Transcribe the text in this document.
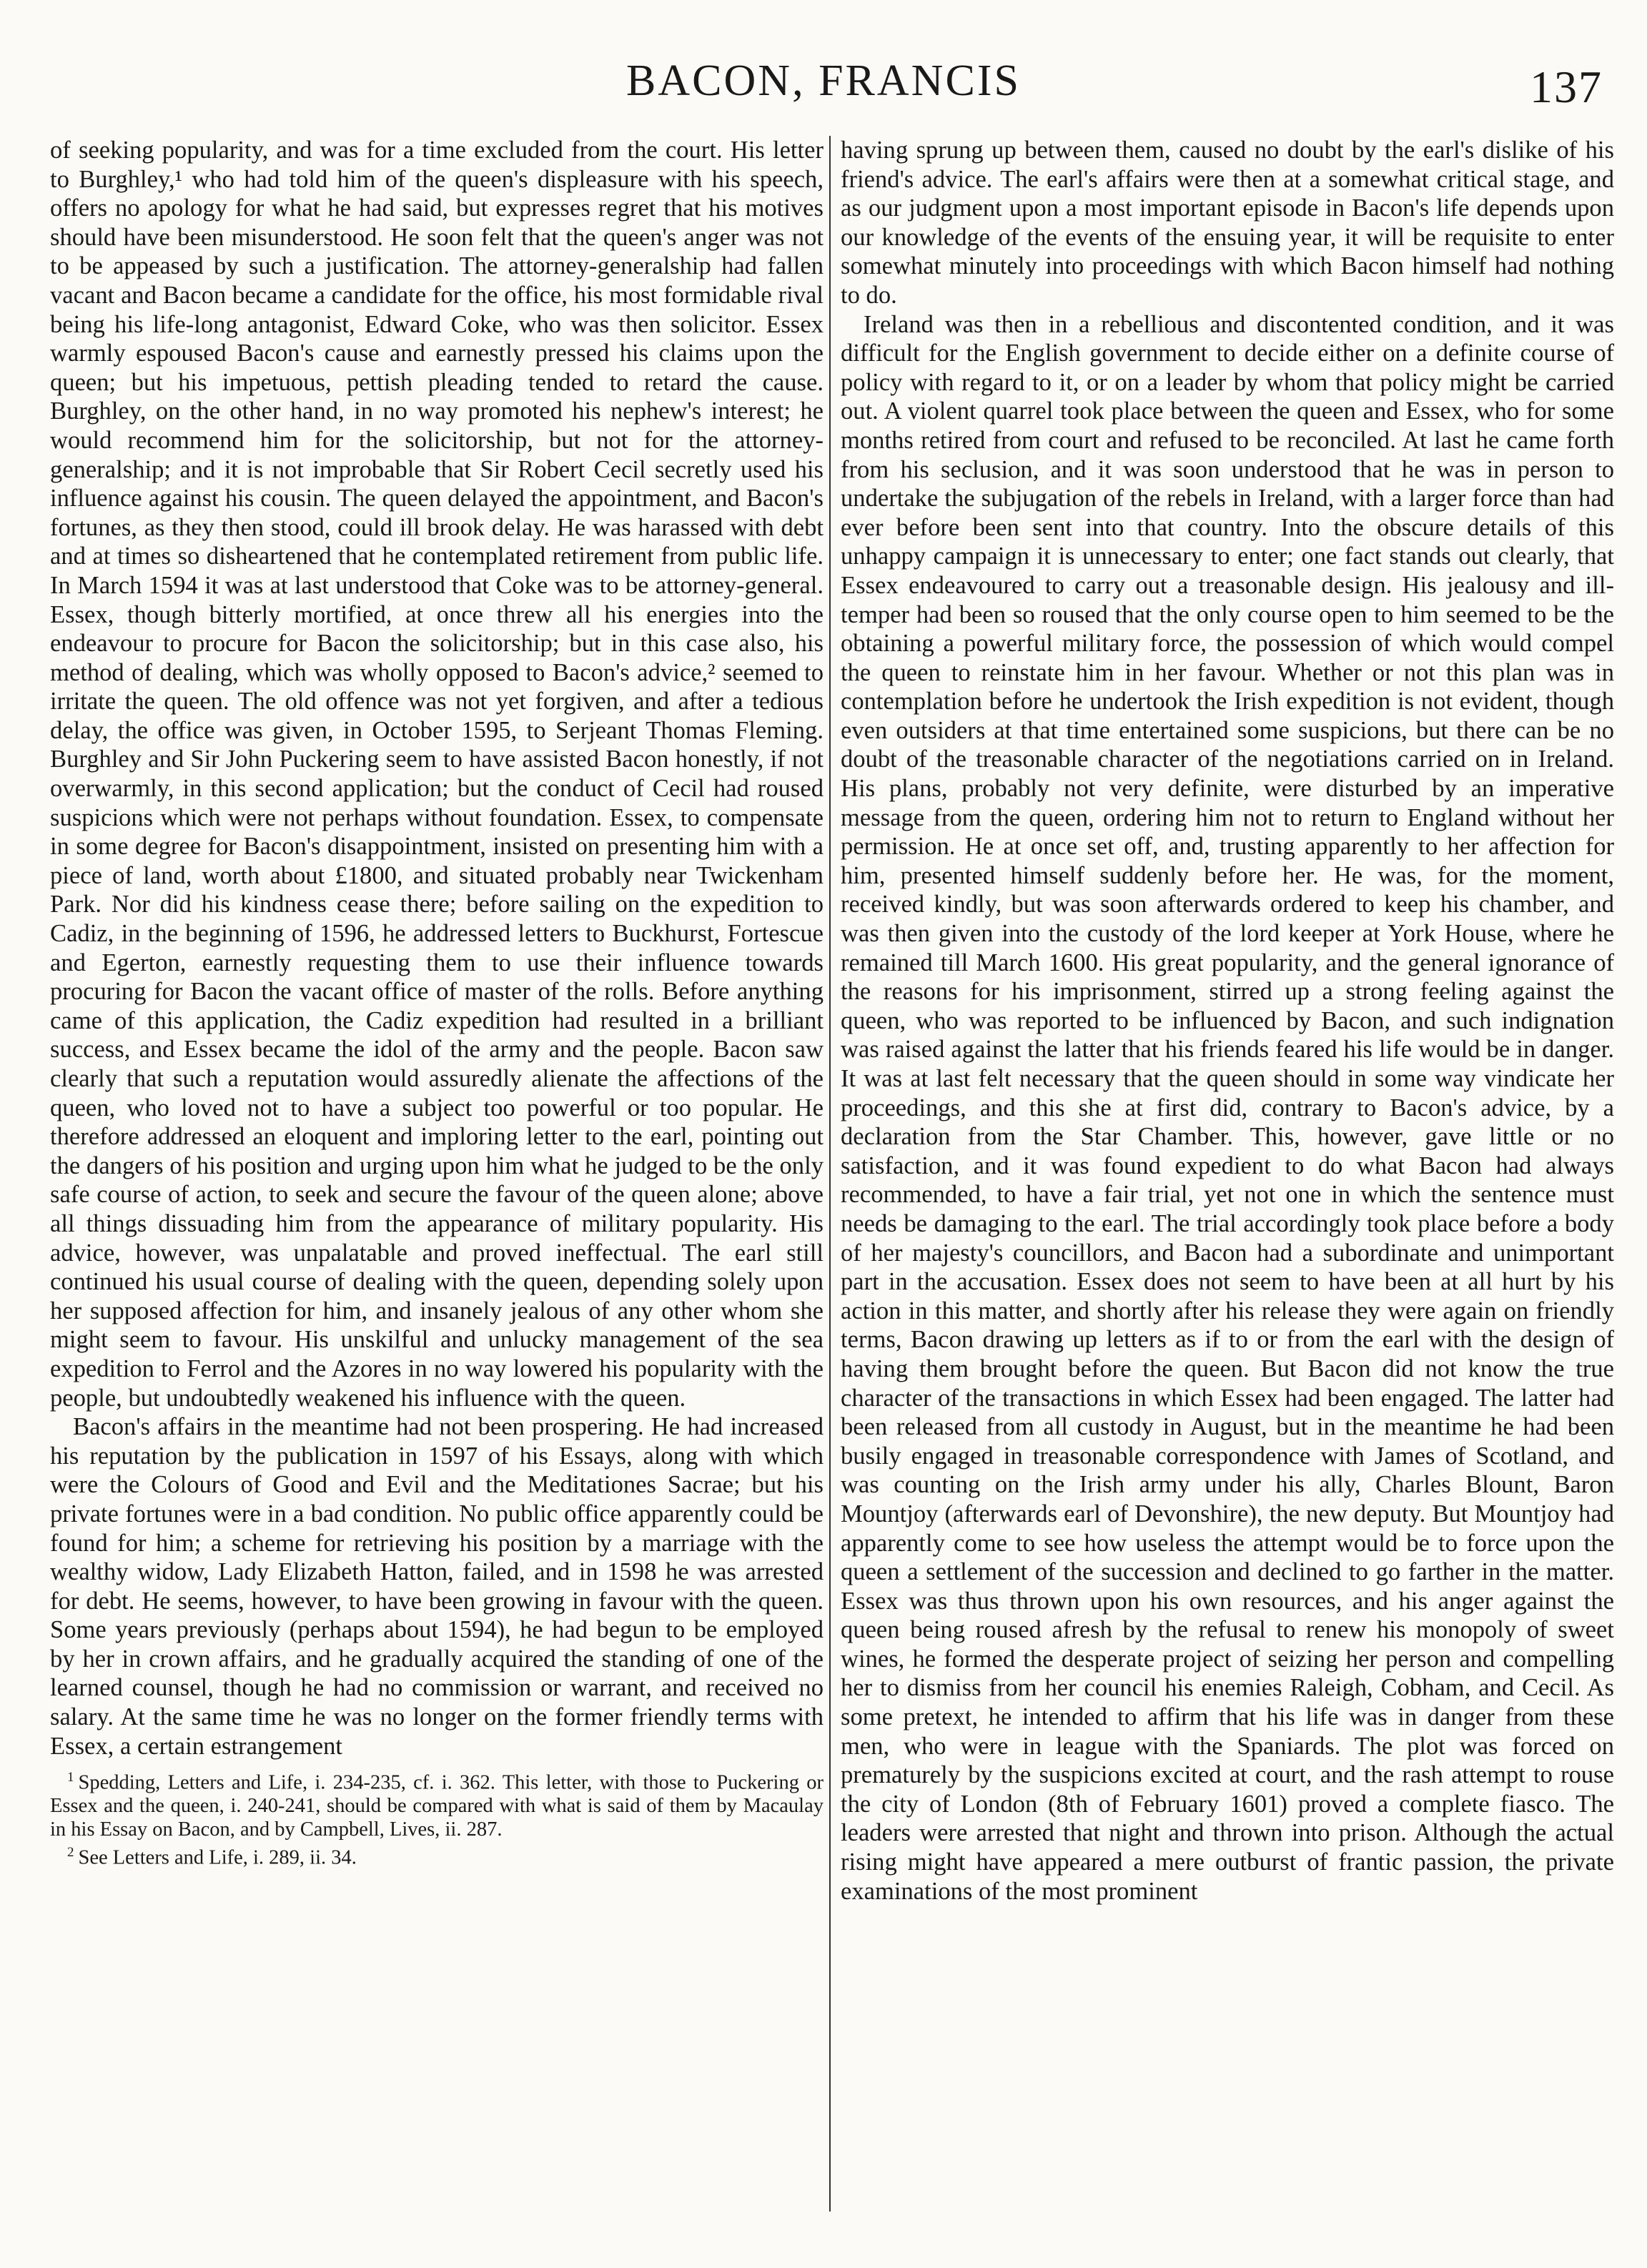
BACON, FRANCIS	137

of seeking popularity, and was for a time excluded from the court. His letter to Burghley,¹ who had told him of the queen's displeasure with his speech, offers no apology for what he had said, but expresses regret that his motives should have been misunderstood. He soon felt that the queen's anger was not to be appeased by such a justification. The attorney-generalship had fallen vacant and Bacon became a candidate for the office, his most formidable rival being his life-long antagonist, Edward Coke, who was then solicitor. Essex warmly espoused Bacon's cause and earnestly pressed his claims upon the queen; but his impetuous, pettish pleading tended to retard the cause. Burghley, on the other hand, in no way promoted his nephew's interest; he would recommend him for the solicitorship, but not for the attorney-generalship; and it is not improbable that Sir Robert Cecil secretly used his influence against his cousin. The queen delayed the appointment, and Bacon's fortunes, as they then stood, could ill brook delay. He was harassed with debt and at times so disheartened that he contemplated retirement from public life. In March 1594 it was at last understood that Coke was to be attorney-general. Essex, though bitterly mortified, at once threw all his energies into the endeavour to procure for Bacon the solicitorship; but in this case also, his method of dealing, which was wholly opposed to Bacon's advice,² seemed to irritate the queen. The old offence was not yet forgiven, and after a tedious delay, the office was given, in October 1595, to Serjeant Thomas Fleming. Burghley and Sir John Puckering seem to have assisted Bacon honestly, if not overwarmly, in this second application; but the conduct of Cecil had roused suspicions which were not perhaps without foundation. Essex, to compensate in some degree for Bacon's disappointment, insisted on presenting him with a piece of land, worth about £1800, and situated probably near Twickenham Park. Nor did his kindness cease there; before sailing on the expedition to Cadiz, in the beginning of 1596, he addressed letters to Buckhurst, Fortescue and Egerton, earnestly requesting them to use their influence towards procuring for Bacon the vacant office of master of the rolls. Before anything came of this application, the Cadiz expedition had resulted in a brilliant success, and Essex became the idol of the army and the people. Bacon saw clearly that such a reputation would assuredly alienate the affections of the queen, who loved not to have a subject too powerful or too popular. He therefore addressed an eloquent and imploring letter to the earl, pointing out the dangers of his position and urging upon him what he judged to be the only safe course of action, to seek and secure the favour of the queen alone; above all things dissuading him from the appearance of military popularity. His advice, however, was unpalatable and proved ineffectual. The earl still continued his usual course of dealing with the queen, depending solely upon her supposed affection for him, and insanely jealous of any other whom she might seem to favour. His unskilful and unlucky management of the sea expedition to Ferrol and the Azores in no way lowered his popularity with the people, but undoubtedly weakened his influence with the queen.

Bacon's affairs in the meantime had not been prospering. He had increased his reputation by the publication in 1597 of his Essays, along with which were the Colours of Good and Evil and the Meditationes Sacrae; but his private fortunes were in a bad condition. No public office apparently could be found for him; a scheme for retrieving his position by a marriage with the wealthy widow, Lady Elizabeth Hatton, failed, and in 1598 he was arrested for debt. He seems, however, to have been growing in favour with the queen. Some years previously (perhaps about 1594), he had begun to be employed by her in crown affairs, and he gradually acquired the standing of one of the learned counsel, though he had no commission or warrant, and received no salary. At the same time he was no longer on the former friendly terms with Essex, a certain estrangement

$^1$ Spedding, Letters and Life, i. 234-235, cf. i. 362. This letter, with those to Puckering or Essex and the queen, i. 240-241, should be compared with what is said of them by Macaulay in his Essay on Bacon, and by Campbell, Lives, ii. 287.

$^2$ See Letters and Life, i. 289, ii. 34.

having sprung up between them, caused no doubt by the earl's dislike of his friend's advice. The earl's affairs were then at a somewhat critical stage, and as our judgment upon a most important episode in Bacon's life depends upon our knowledge of the events of the ensuing year, it will be requisite to enter somewhat minutely into proceedings with which Bacon himself had nothing to do.

Ireland was then in a rebellious and discontented condition, and it was difficult for the English government to decide either on a definite course of policy with regard to it, or on a leader by whom that policy might be carried out. A violent quarrel took place between the queen and Essex, who for some months retired from court and refused to be reconciled. At last he came forth from his seclusion, and it was soon understood that he was in person to undertake the subjugation of the rebels in Ireland, with a larger force than had ever before been sent into that country. Into the obscure details of this unhappy campaign it is unnecessary to enter; one fact stands out clearly, that Essex endeavoured to carry out a treasonable design. His jealousy and ill-temper had been so roused that the only course open to him seemed to be the obtaining a powerful military force, the possession of which would compel the queen to reinstate him in her favour. Whether or not this plan was in contemplation before he undertook the Irish expedition is not evident, though even outsiders at that time entertained some suspicions, but there can be no doubt of the treasonable character of the negotiations carried on in Ireland. His plans, probably not very definite, were disturbed by an imperative message from the queen, ordering him not to return to England without her permission. He at once set off, and, trusting apparently to her affection for him, presented himself suddenly before her. He was, for the moment, received kindly, but was soon afterwards ordered to keep his chamber, and was then given into the custody of the lord keeper at York House, where he remained till March 1600. His great popularity, and the general ignorance of the reasons for his imprisonment, stirred up a strong feeling against the queen, who was reported to be influenced by Bacon, and such indignation was raised against the latter that his friends feared his life would be in danger. It was at last felt necessary that the queen should in some way vindicate her proceedings, and this she at first did, contrary to Bacon's advice, by a declaration from the Star Chamber. This, however, gave little or no satisfaction, and it was found expedient to do what Bacon had always recommended, to have a fair trial, yet not one in which the sentence must needs be damaging to the earl. The trial accordingly took place before a body of her majesty's councillors, and Bacon had a subordinate and unimportant part in the accusation. Essex does not seem to have been at all hurt by his action in this matter, and shortly after his release they were again on friendly terms, Bacon drawing up letters as if to or from the earl with the design of having them brought before the queen. But Bacon did not know the true character of the transactions in which Essex had been engaged. The latter had been released from all custody in August, but in the meantime he had been busily engaged in treasonable correspondence with James of Scotland, and was counting on the Irish army under his ally, Charles Blount, Baron Mountjoy (afterwards earl of Devonshire), the new deputy. But Mountjoy had apparently come to see how useless the attempt would be to force upon the queen a settlement of the succession and declined to go farther in the matter. Essex was thus thrown upon his own resources, and his anger against the queen being roused afresh by the refusal to renew his monopoly of sweet wines, he formed the desperate project of seizing her person and compelling her to dismiss from her council his enemies Raleigh, Cobham, and Cecil. As some pretext, he intended to affirm that his life was in danger from these men, who were in league with the Spaniards. The plot was forced on prematurely by the suspicions excited at court, and the rash attempt to rouse the city of London (8th of February 1601) proved a complete fiasco. The leaders were arrested that night and thrown into prison. Although the actual rising might have appeared a mere outburst of frantic passion, the private examinations of the most prominent
